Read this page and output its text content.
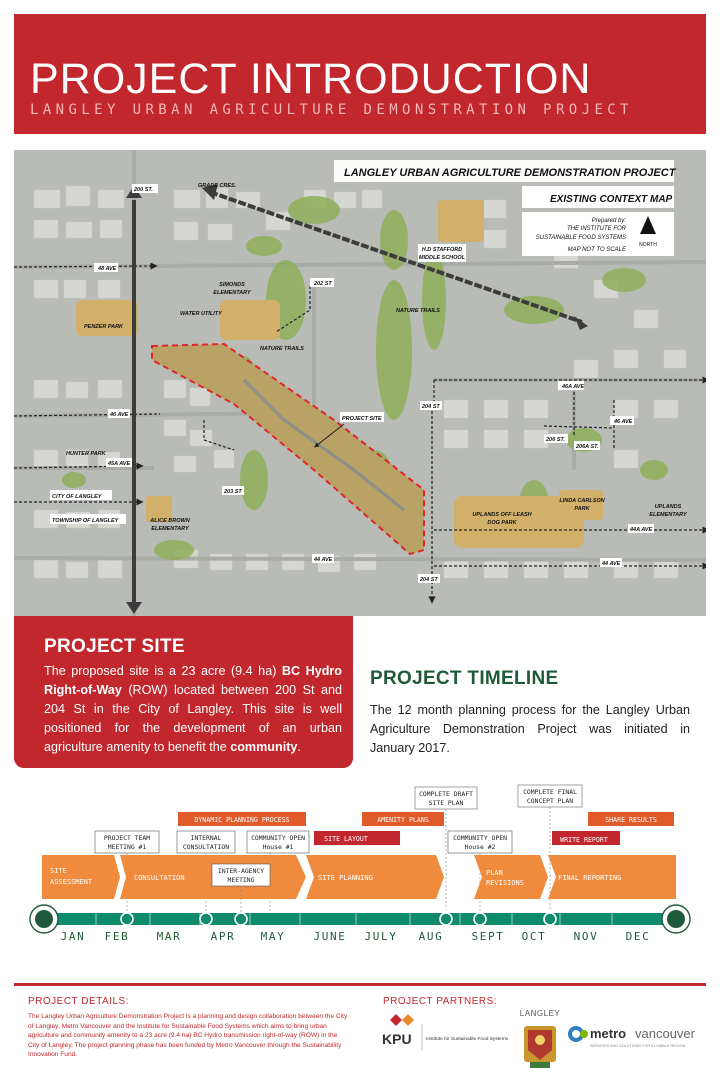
PROJECT INTRODUCTION
LANGLEY URBAN AGRICULTURE DEMONSTRATION PROJECT
LANGLEY URBAN AGRICULTURE DEMONSTRATION PROJECT
EXISTING CONTEXT MAP
Prepared by:
THE INSTITUTE FOR
SUSTAINABLE FOOD SYSTEMS
MAP NOT TO SCALE
NORTH
200 ST.
GRADE CRES.
H.D STAFFORD
MIDDLE SCHOOL
48 AVE
SIMONDS
ELEMENTARY
202 ST
WATER UTILITY	NATURE TRAILS
PENZER PARK
NATURE TRAILS
46A AVE
46 AVE
204 ST
PROJECT SITE	46 AVE
206 ST.
206A ST.
HUNTER PARK
45A AVE
203 ST
CITY OF LANGLEY
TOWNSHIP OF LANGLEY	ALICE BROWN
ELEMENTARY
UPLANDS OFF LEASH
DOG PARK
LINDA CARLSON
PARK	UPLANDS
ELEMENTARY
44A AVE
44 AVE
44 AVE
204 ST
PROJECT SITE

The proposed site is a 23 acre (9.4 ha) BC Hydro Right-of-Way (ROW) located between 200 St and 204 St in the City of Langley. This site is well positioned for the development of an urban agriculture amenity to benefit the community.

PROJECT TIMELINE
The 12 month planning process for the Langley Urban Agriculture Demonstration Project was initiated in January 2017.
COMPLETE DRAFT
SITE PLAN
COMPLETE FINAL
CONCEPT PLAN
DYNAMIC PLANNING PROCESS	AMENITY PLANS	SHARE RESULTS
SITE LAYOUT	WRITE REPORT
PROJECT TEAM
MEETING #1
INTERNAL
CONSULTATION
COMMUNITY OPEN
House #1
COMMUNITY OPEN
House #2
SITE
ASSESSMENT	CONSULTATION	SITE PLANNING
PLAN
REVISIONS
FINAL REPORTING
INTER-AGENCY
MEETING
JAN FEB MAR	APR MAY	JUNE JULY AUG	SEPT OCT NOV DEC
PROJECT DETAILS:
The Langley Urban Agriculture Demonstration Project is a planning and design collaboration between the City of Langley, Metro Vancouver and the Institute for Sustainable Food Systems which aims to bring urban agriculture and community amenity to a 23 acre (9.4 ha) BC Hydro transmission right-of-way (ROW) in the City of Langley. The project planning phase has been funded by Metro Vancouver through the Sustainability Innovation Fund.
PROJECT PARTNERS:
KPU	Institute for Sustainable Food Systems
LANGLEY
metro vancouver
SERVICES AND SOLUTIONS FOR A LIVABLE REGION
